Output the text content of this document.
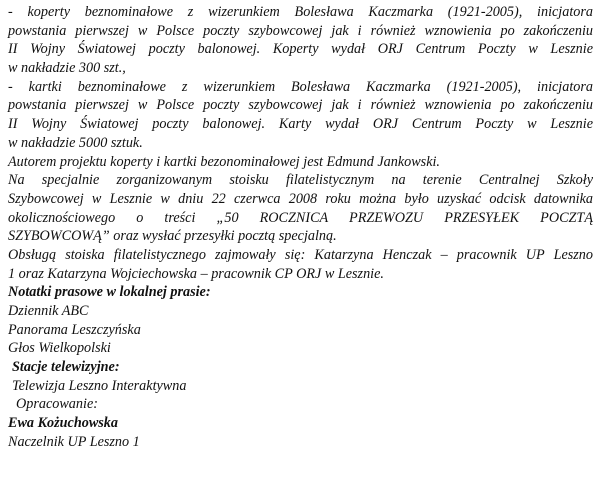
- koperty beznominałowe z wizerunkiem Bolesława Kaczmarka (1921-2005), inicjatora
powstania pierwszej w Polsce poczty szybowcowej jak i również wznowienia po zakończeniu
II Wojny Światowej poczty balonowej. Koperty wydał ORJ Centrum Poczty w Lesznie
w nakładzie 300 szt.,
- kartki beznominałowe z wizerunkiem Bolesława Kaczmarka (1921-2005), inicjatora
powstania pierwszej w Polsce poczty szybowcowej jak i również wznowienia po zakończeniu
II Wojny Światowej poczty balonowej. Karty wydał ORJ Centrum Poczty w Lesznie
w nakładzie 5000 sztuk.
Autorem projektu koperty i kartki bezonominałowej jest Edmund Jankowski.
Na specjalnie zorganizowanym stoisku filatelistycznym na terenie Centralnej Szkoły
Szybowcowej w Lesznie w dniu 22 czerwca 2008 roku można było uzyskać odcisk datownika
okolicznościowego o treści „50 ROCZNICA PRZEWOZU PRZESYŁEK POCZTĄ
SZYBOWCOWĄ” oraz wysłać przesyłki pocztą specjalną.
Obsługą stoiska filatelistycznego zajmowały się: Katarzyna Henczak – pracownik UP Leszno
1 oraz Katarzyna Wojciechowska – pracownik CP ORJ w Lesznie.
Notatki prasowe w lokalnej prasie:
Dziennik ABC
Panorama Leszczyńska
Głos Wielkopolski
Stacje telewizyjne:
Telewizja Leszno Interaktywna
Opracowanie:
Ewa Kożuchowska
Naczelnik UP Leszno 1
